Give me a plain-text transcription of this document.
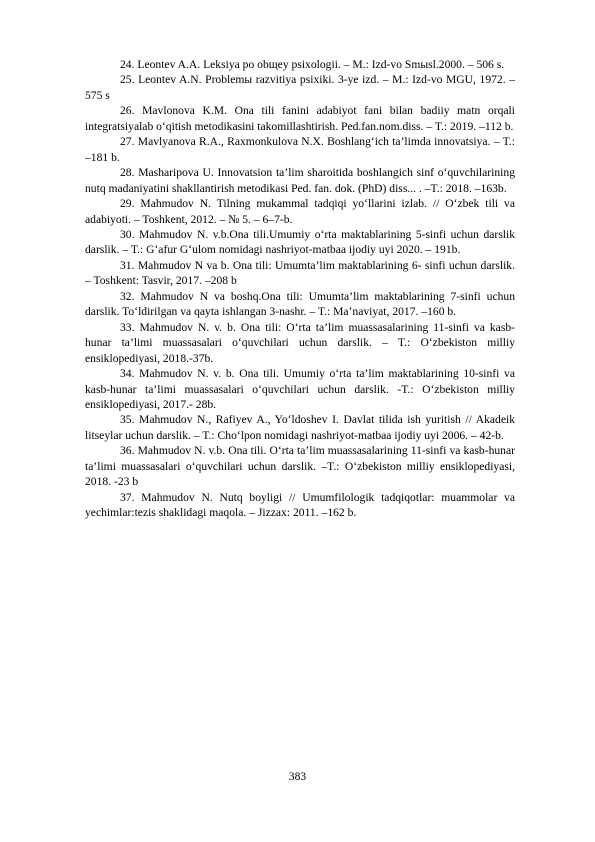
24. Leontev A.A. Leksiya po obщеy psixologii. – M.: Izd-vo Smыsl.2000. – 506 s.

25. Leontev A.N. Problemы razvitiya psixiki. 3-ye izd. – M.: Izd-vo MGU, 1972. – 575 s

26. Mavlonova K.M. Ona tili fanini adabiyot fani bilan badiiy matn orqali integratsiyalab o‘qitish metodikasini takomillashtirish. Ped.fan.nom.diss. – T.: 2019. –112 b.

27. Mavlyanova R.A., Raxmonkulova N.X. Boshlang‘ich ta’limda innovatsiya. – T.: –181 b.

28. Masharipova U. Innovatsion ta’lim sharoitida boshlangich sinf o‘quvchilarining nutq madaniyatini shakllantirish metodikasi Ped. fan. dok. (PhD) diss... . –T.: 2018. –163b.

29. Mahmudov N. Tilning mukammal tadqiqi yo‘llarini izlab. // O‘zbek tili va adabiyoti. – Toshkent, 2012. – № 5. – 6–7-b.

30. Mahmudov N. v.b.Ona tili.Umumiy o‘rta maktablarining 5-sinfi uchun darslik darslik. – T.: G‘afur G‘ulom nomidagi nashriyot-matbaa ijodiy uyi 2020. – 191b.

31. Mahmudov N va b. Ona tili: Umumta’lim maktablarining 6- sinfi uchun darslik. – Toshkent: Tasvir, 2017. –208 b

32. Mahmudov N va boshq.Ona tili: Umumta’lim maktablarining 7-sinfi uchun darslik. To‘ldirilgan va qayta ishlangan 3-nashr. – T.: Ma’naviyat, 2017. –160 b.

33. Mahmudov N. v. b. Ona tili: O‘rta ta’lim muassasalarining 11-sinfi va kasb-hunar ta’limi muassasalari o‘quvchilari uchun darslik. – T.: O‘zbekiston milliy ensiklopediyasi, 2018.-37b.

34. Mahmudov N. v. b. Ona tili. Umumiy o‘rta ta’lim maktablarining 10-sinfi va kasb-hunar ta’limi muassasalari o‘quvchilari uchun darslik. -T.: O‘zbekiston milliy ensiklopediyasi, 2017.- 28b.

35. Mahmudov N., Rafiyev A., Yo‘ldoshev I. Davlat tilida ish yuritish // Akadeik litseylar uchun darslik. – T.: Cho‘lpon nomidagi nashriyot-matbaa ijodiy uyi 2006. – 42-b.

36. Mahmudov N. v.b. Ona tili. O‘rta ta’lim muassasalarining 11-sinfi va kasb-hunar ta’limi muassasalari o‘quvchilari uchun darslik. –T.: O‘zbekiston milliy ensiklopediyasi, 2018. -23 b

37. Mahmudov N. Nutq boyligi // Umumfilologik tadqiqotlar: muammolar va yechimlar:tezis shaklidagi maqola. – Jizzax: 2011. –162 b.

383
